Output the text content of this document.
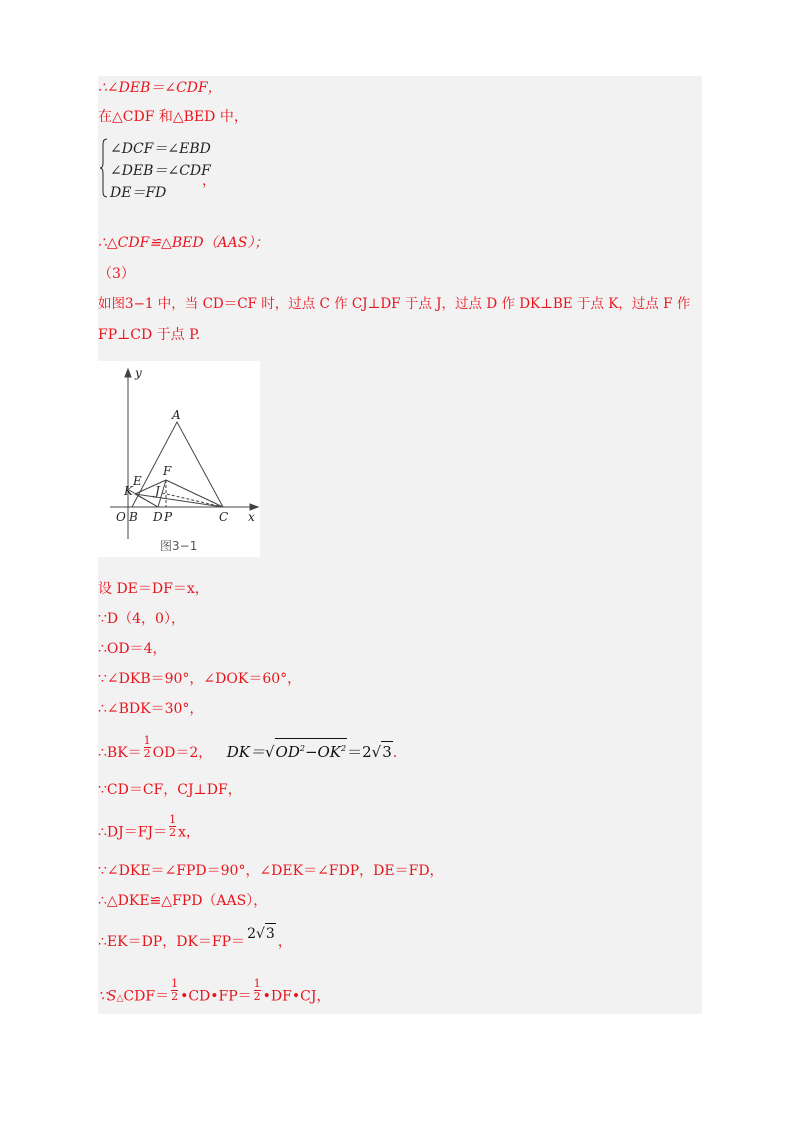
∴∠DEB＝∠CDF，
在△CDF 和△BED 中，
∠DCF＝∠EBD
∠DEB＝∠CDF
DE＝FD
，
∴△CDF≌△BED（AAS）；
（3）
如图3−1 中，当 CD＝CF 时，过点 C 作 CJ⊥DF 于点 J，过点 D 作 DK⊥BE 于点 K，过点 F 作
FP⊥CD 于点 P.
y
x
A
E
F
K J
O B D P	C
图3−1
设 DE＝DF＝x，
∵D（4，0），
∴OD＝4，
∵∠DKB＝90°，∠DOK＝60°，
∴∠BDK＝30°，
∴BK＝ $\frac{1}{2} OD=2$， $DK=√OD^2-OK^2=2√3$.
∵CD＝CF，CJ⊥DF，
∴DJ＝FJ＝ $\frac{1}{2}$ x，
∵∠DKE＝∠FPD＝90°，∠DEK＝∠FDP，DE＝FD，
∴△DKE≌△FPD（AAS），
∴EK＝DP，DK＝FP＝ 2√3 ，
∵S△CDF＝ $\frac{1}{2}$ •CD•FP＝ $\frac{1}{2}$ •DF•CJ，
